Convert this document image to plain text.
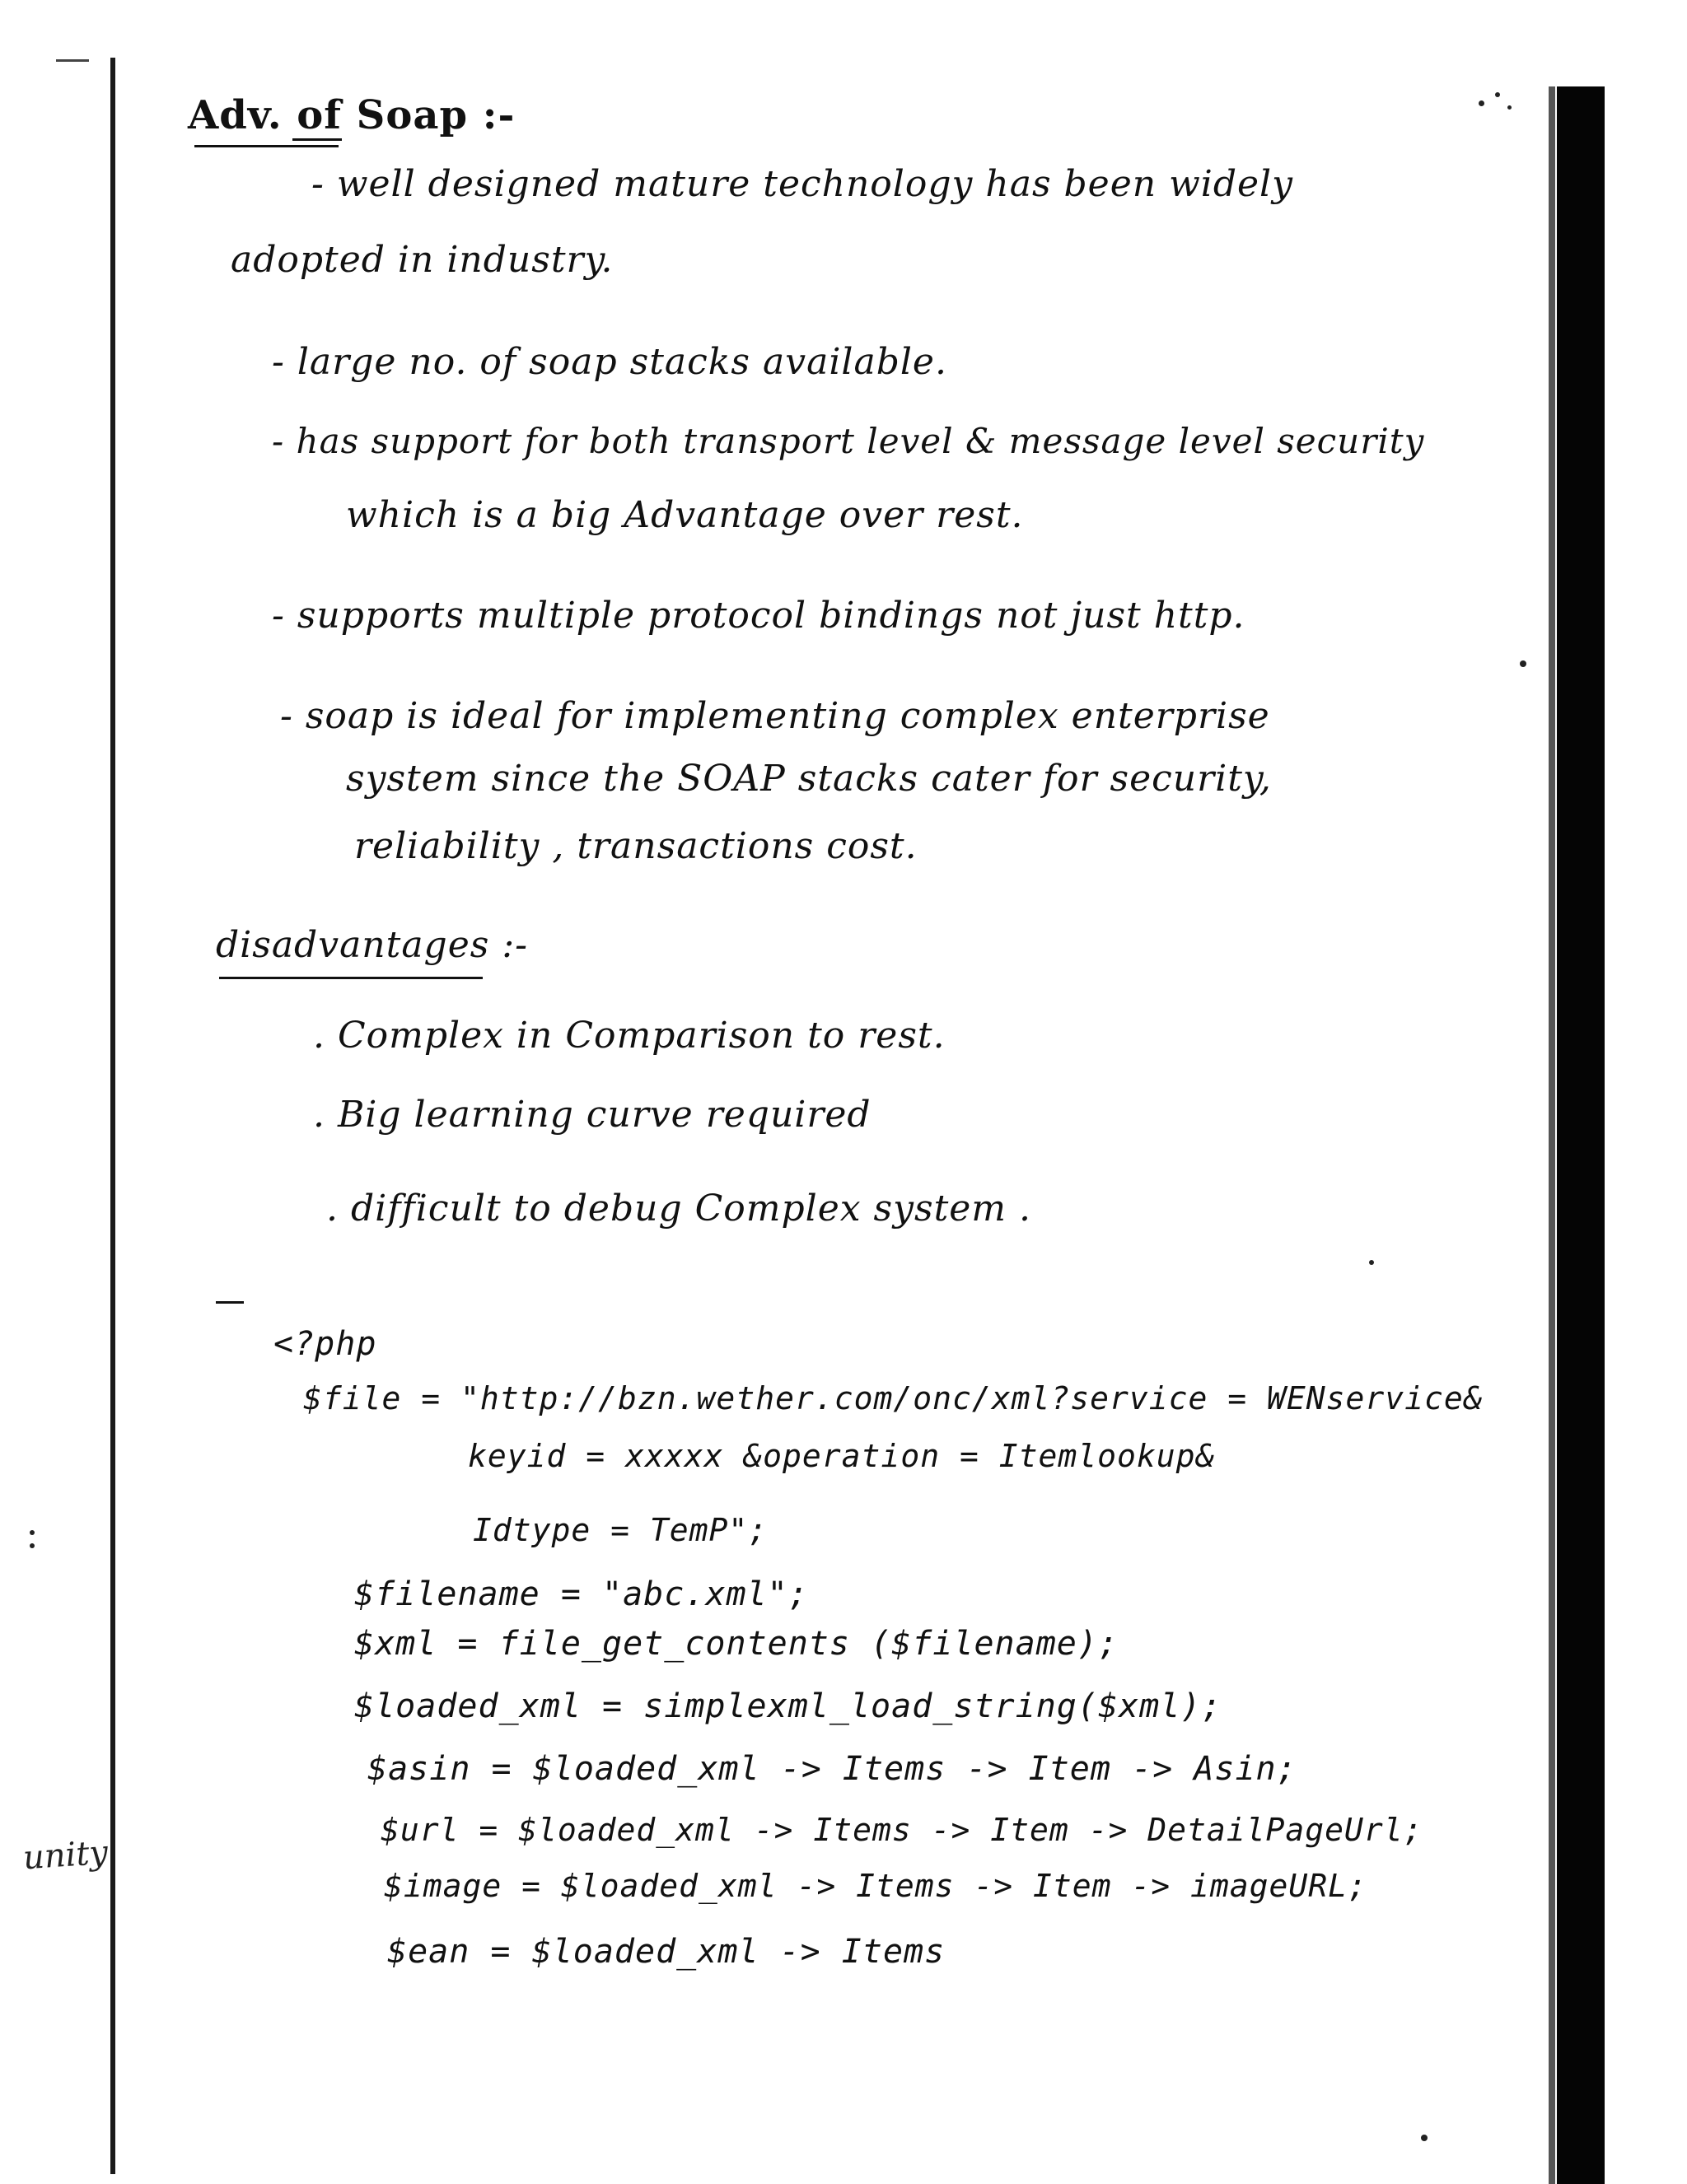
Adv. of Soap :-
- well designed mature technology has been widely
adopted in industry.
- large no. of soap stacks available.
- has support for both transport level & message level security
which is a big Advantage over rest.
- supports multiple protocol bindings not just http.
- soap is ideal for implementing complex enterprise
system since the SOAP stacks cater for security,
reliability , transactions cost.
disadvantages :-
. Complex in Comparison to rest.
. Big learning curve required
. difficult to debug Complex system .
<?php
$file = "http://bzn.wether.com/onc/xml?service = WENservice&
keyid = xxxxx &operation = Itemlookup&
Idtype = TemP";
$filename = "abc.xml";
$xml = file_get_contents ($filename);
$loaded_xml = simplexml_load_string($xml);
$asin = $loaded_xml -> Items -> Item -> Asin;
$url = $loaded_xml -> Items -> Item -> DetailPageUrl;
$image = $loaded_xml -> Items -> Item -> imageURL;
$ean = $loaded_xml -> Items
unity
